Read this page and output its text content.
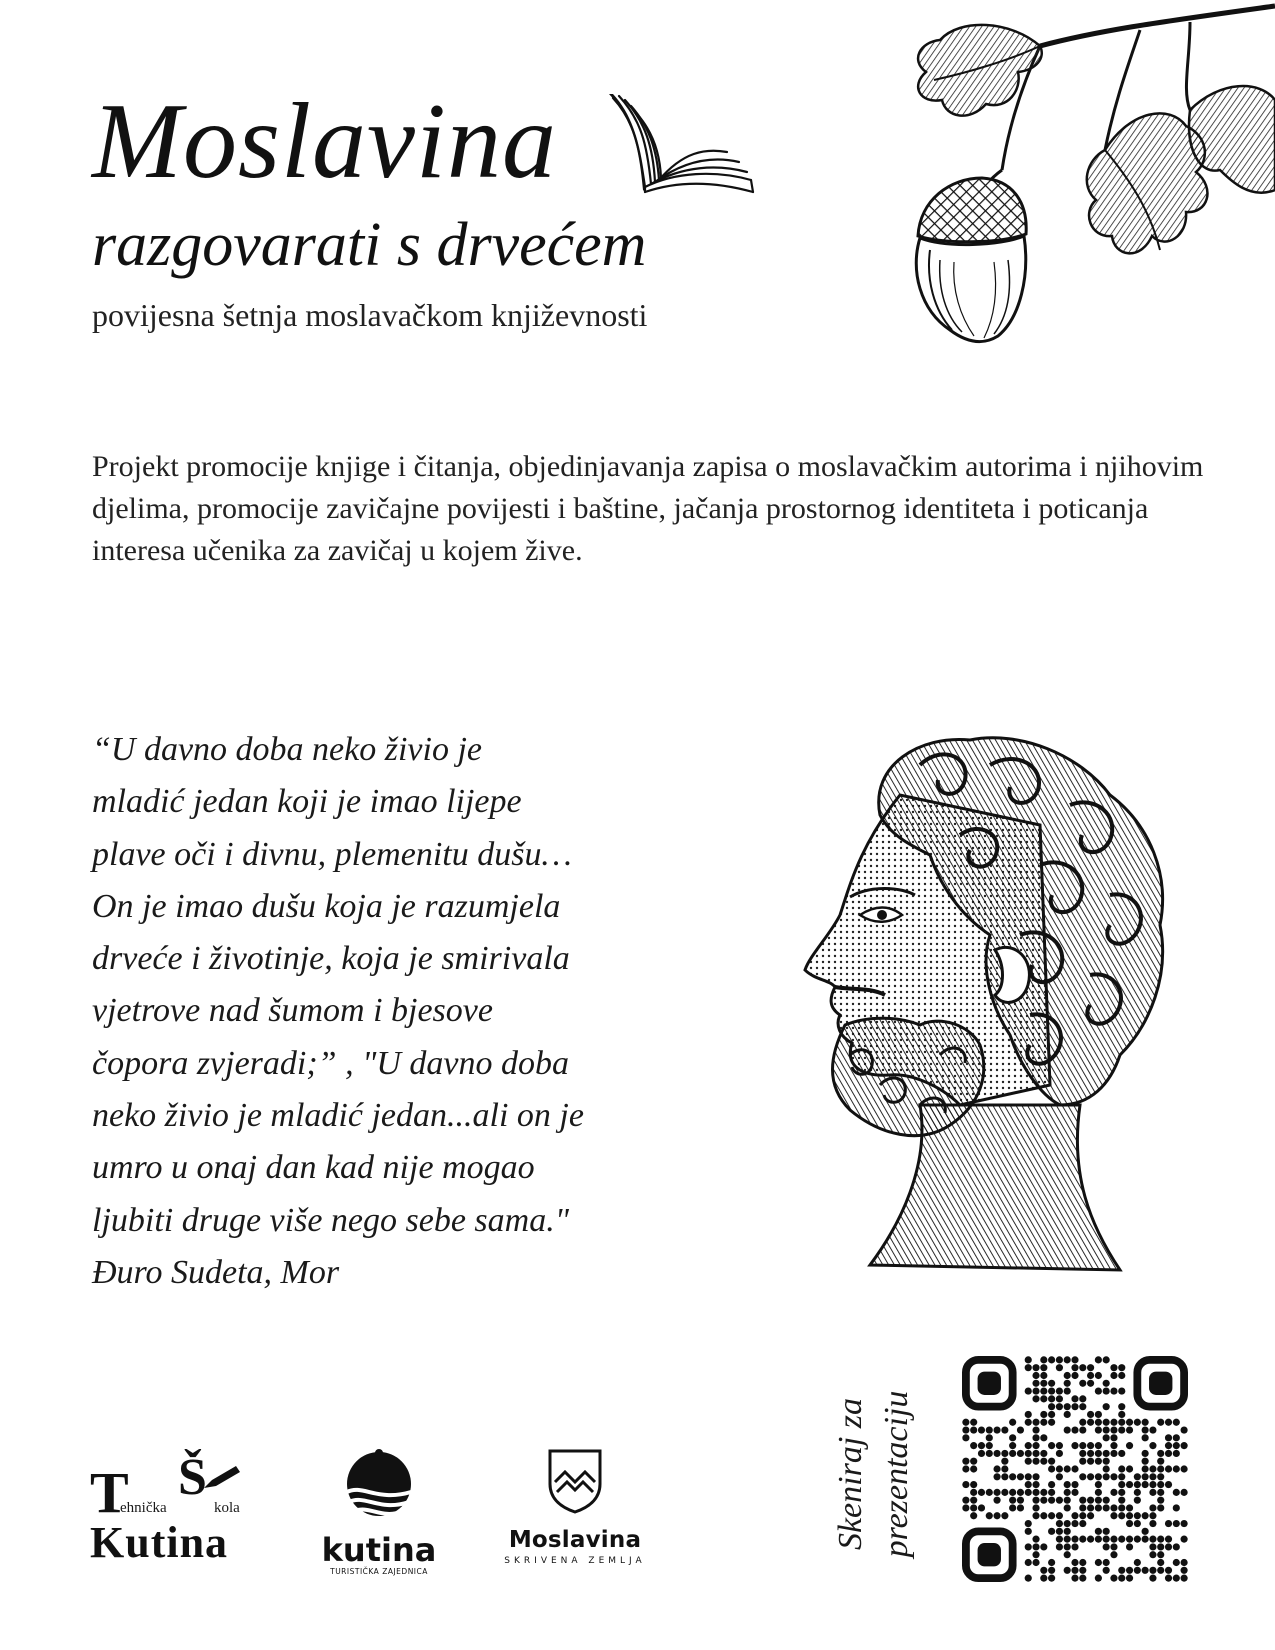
Moslavina
razgovarati s drvećem
povijesna šetnja moslavačkom književnosti
Projekt promocije knjige i čitanja, objedinjavanja zapisa o moslavačkim autorima i njihovim djelima, promocije zavičajne povijesti i baštine, jačanja prostornog identiteta i poticanja interesa učenika za zavičaj u kojem žive.
“U davno doba neko živio je
mladić jedan koji je imao lijepe
plave oči i divnu, plemenitu dušu…
On je imao dušu koja je razumjela
drveće i životinje, koja je smirivala
vjetrove nad šumom i bjesove
čopora zvjeradi;” , "U davno doba
neko živio je mladić jedan...ali on je
umro u onaj dan kad nije mogao
ljubiti druge više nego sebe sama."
Đuro Sudeta, Mor
Skeniraj za prezentaciju
T
ehnička
Š
kola
Kutina	kutina
TURISTIČKA ZAJEDNICA
Moslavina
SKRIVENA ZEMLJA
